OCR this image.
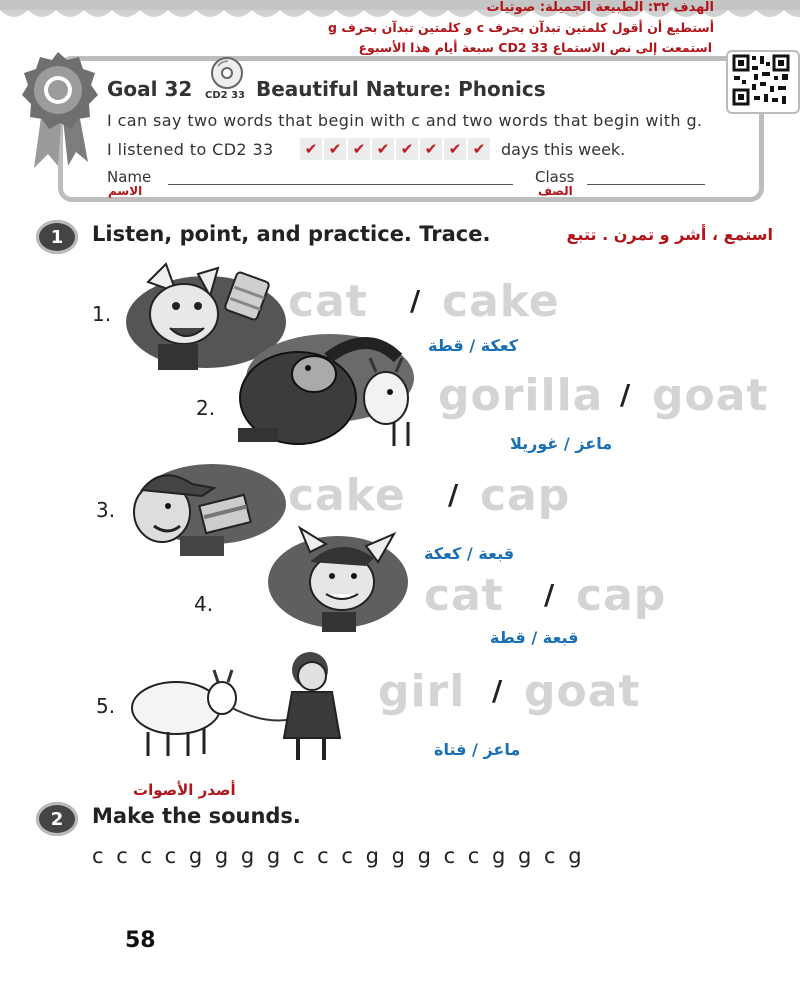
الهدف ٣٢: الطبيعة الجميلة: صوتيات
أستطيع أن أقول كلمتين تبدآن بحرف c و كلمتين تبدآن بحرف g
استمعت إلى نص الاستماع CD2 33 سبعة أيام هذا الأسبوع
Goal 32 CD2 33 Beautiful Nature: Phonics
I can say two words that begin with c and two words that begin with g.
I listened to CD2 33 ✔ ✔ ✔ ✔ ✔ ✔ ✔ ✔ days this week.
Name
الاسم
Class
الصف
1	Listen, point, and practice. Trace.	استمع ، أشر و تمرن . تتبع
1.	cat / cake
كعكة / قطة
2.	gorilla / goat
ماعز / غوريلا
3.	cake / cap
قبعة / كعكة
4.	cat / cap
قبعة / قطة
5.	girl / goat
ماعز / فتاة
أصدر الأصوات
2	Make the sounds.
c c c c g g g g c c c g g g c c g g c g
58
